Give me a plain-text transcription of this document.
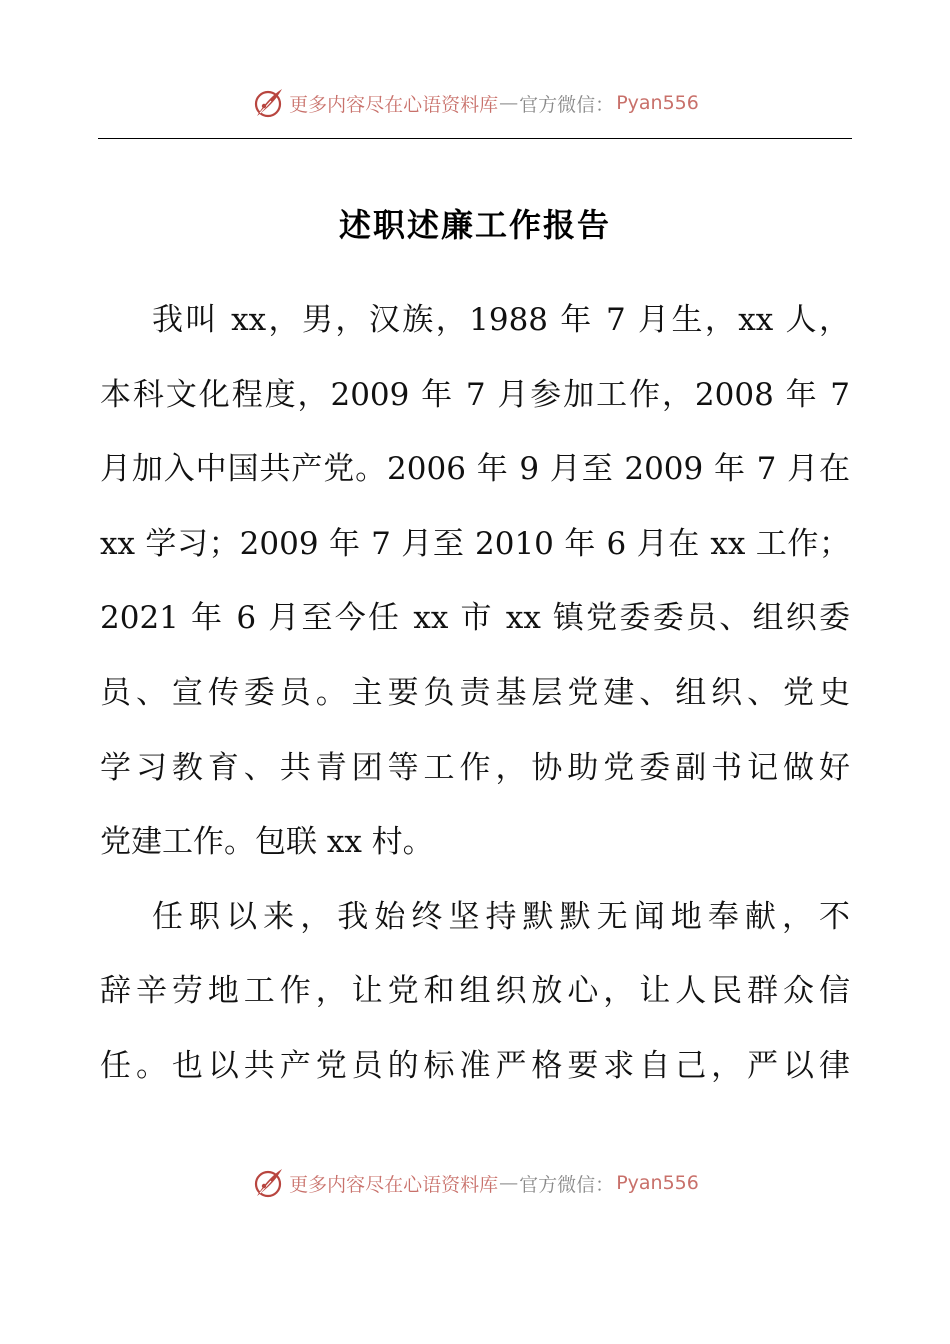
更多内容尽在心语资料库 — 官方微信： Pyan556
述职述廉工作报告
我叫 xx，男，汉族，1988 年 7 月生，xx 人，
本科文化程度，2009 年 7 月参加工作，2008 年 7
月加入中国共产党。2006 年 9 月至 2009 年 7 月在
xx 学习；2009 年 7 月至 2010 年 6 月在 xx 工作；
2021 年 6 月至今任 xx 市 xx 镇党委委员、组织委
员、宣传委员。主要负责基层党建、组织、党史
学习教育、共青团等工作，协助党委副书记做好
党建工作。包联 xx 村。
任职以来，我始终坚持默默无闻地奉献，不
辞辛劳地工作，让党和组织放心，让人民群众信
任。也以共产党员的标准严格要求自己，严以律
更多内容尽在心语资料库 — 官方微信： Pyan556
